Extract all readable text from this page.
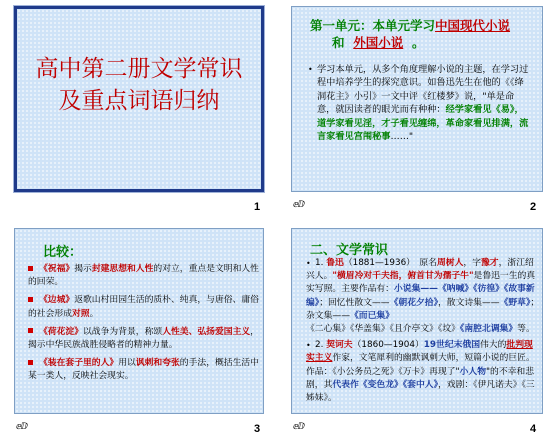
高中第二册文学常识
及重点词语归纳
1
第一单元：本单元学习中国现代小说
和 外国小说 。
• 学习本单元，从多个角度理解小说的主题，在学习过程中培养学生的探究意识。如鲁迅先生在他的《《绛洞花主》小引》一文中评《红楼梦》说，"单是命意，就因读者的眼光而有种种：经学家看见《易》，道学家看见淫，才子看见缠绵，革命家看见排满，流言家看见宫闱秘事……"
ⅇⅅ	2
比较：
《祝福》揭示封建思想和人性的对立，重点是文明和人性的回荣。
《边城》返歌山村田园生活的质朴、纯真，与唐俗、庸俗的社会形成对照。
《荷花淀》以战争为背景，称颂人性美、弘扬爱国主义，揭示中华民族战胜侵略者的精神力量。
《装在套子里的人》用以讽刺和夸张的手法，概括生活中某一类人，反映社会现实。
ⅇⅅ	3
二、文学常识
• 1. 鲁迅（1881—1936）　原名周树人，字豫才，浙江绍兴人。"横眉冷对千夫指，俯首甘为孺子牛"是鲁迅一生的真实写照。主要作品有：小说集——《呐喊》《彷徨》《故事新编》；回忆性散文——《朝花夕拾》，散文诗集——《野草》；杂文集——《而已集》《二心集》《华盖集》《且介亭文》《坟》《南腔北调集》等。
• 2. 契诃夫（1860—1904）19世纪末俄国伟大的批判现实主义作家，文笔犀利的幽默讽刺大师，短篇小说的巨匠。作品：《小公务员之死》《万卡》再现了"小人物"的不幸和悲剧，其代表作《变色龙》《套中人》，戏剧：《伊凡诺夫》《三姊妹》。
ⅇⅅ	4
